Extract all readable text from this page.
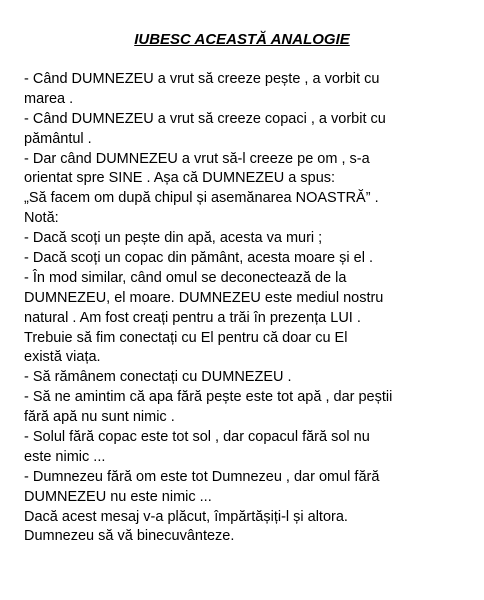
IUBESC ACEASTĂ ANALOGIE
- Când DUMNEZEU a vrut să creeze pește , a vorbit cu
marea .
- Când DUMNEZEU a vrut să creeze copaci , a vorbit cu
pământul .
- Dar când DUMNEZEU a vrut să-l creeze pe om , s-a
orientat spre SINE . Așa că DUMNEZEU a spus:
„Să facem om după chipul și asemănarea NOASTRĂ” .
Notă:
- Dacă scoți un pește din apă, acesta va muri ;
- Dacă scoți un copac din pământ, acesta moare și el .
- În mod similar, când omul se deconectează de la
DUMNEZEU, el moare. DUMNEZEU este mediul nostru
natural . Am fost creați pentru a trăi în prezența LUI .
Trebuie să fim conectați cu El pentru că doar cu El
există viața.
- Să rămânem conectați cu DUMNEZEU .
- Să ne amintim că apa fără pește este tot apă , dar peștii
fără apă nu sunt nimic .
- Solul fără copac este tot sol , dar copacul fără sol nu
este nimic ...
- Dumnezeu fără om este tot Dumnezeu , dar omul fără
DUMNEZEU nu este nimic ...
Dacă acest mesaj v-a plăcut, împărtășiți-l și altora.
Dumnezeu să vă binecuvânteze.
